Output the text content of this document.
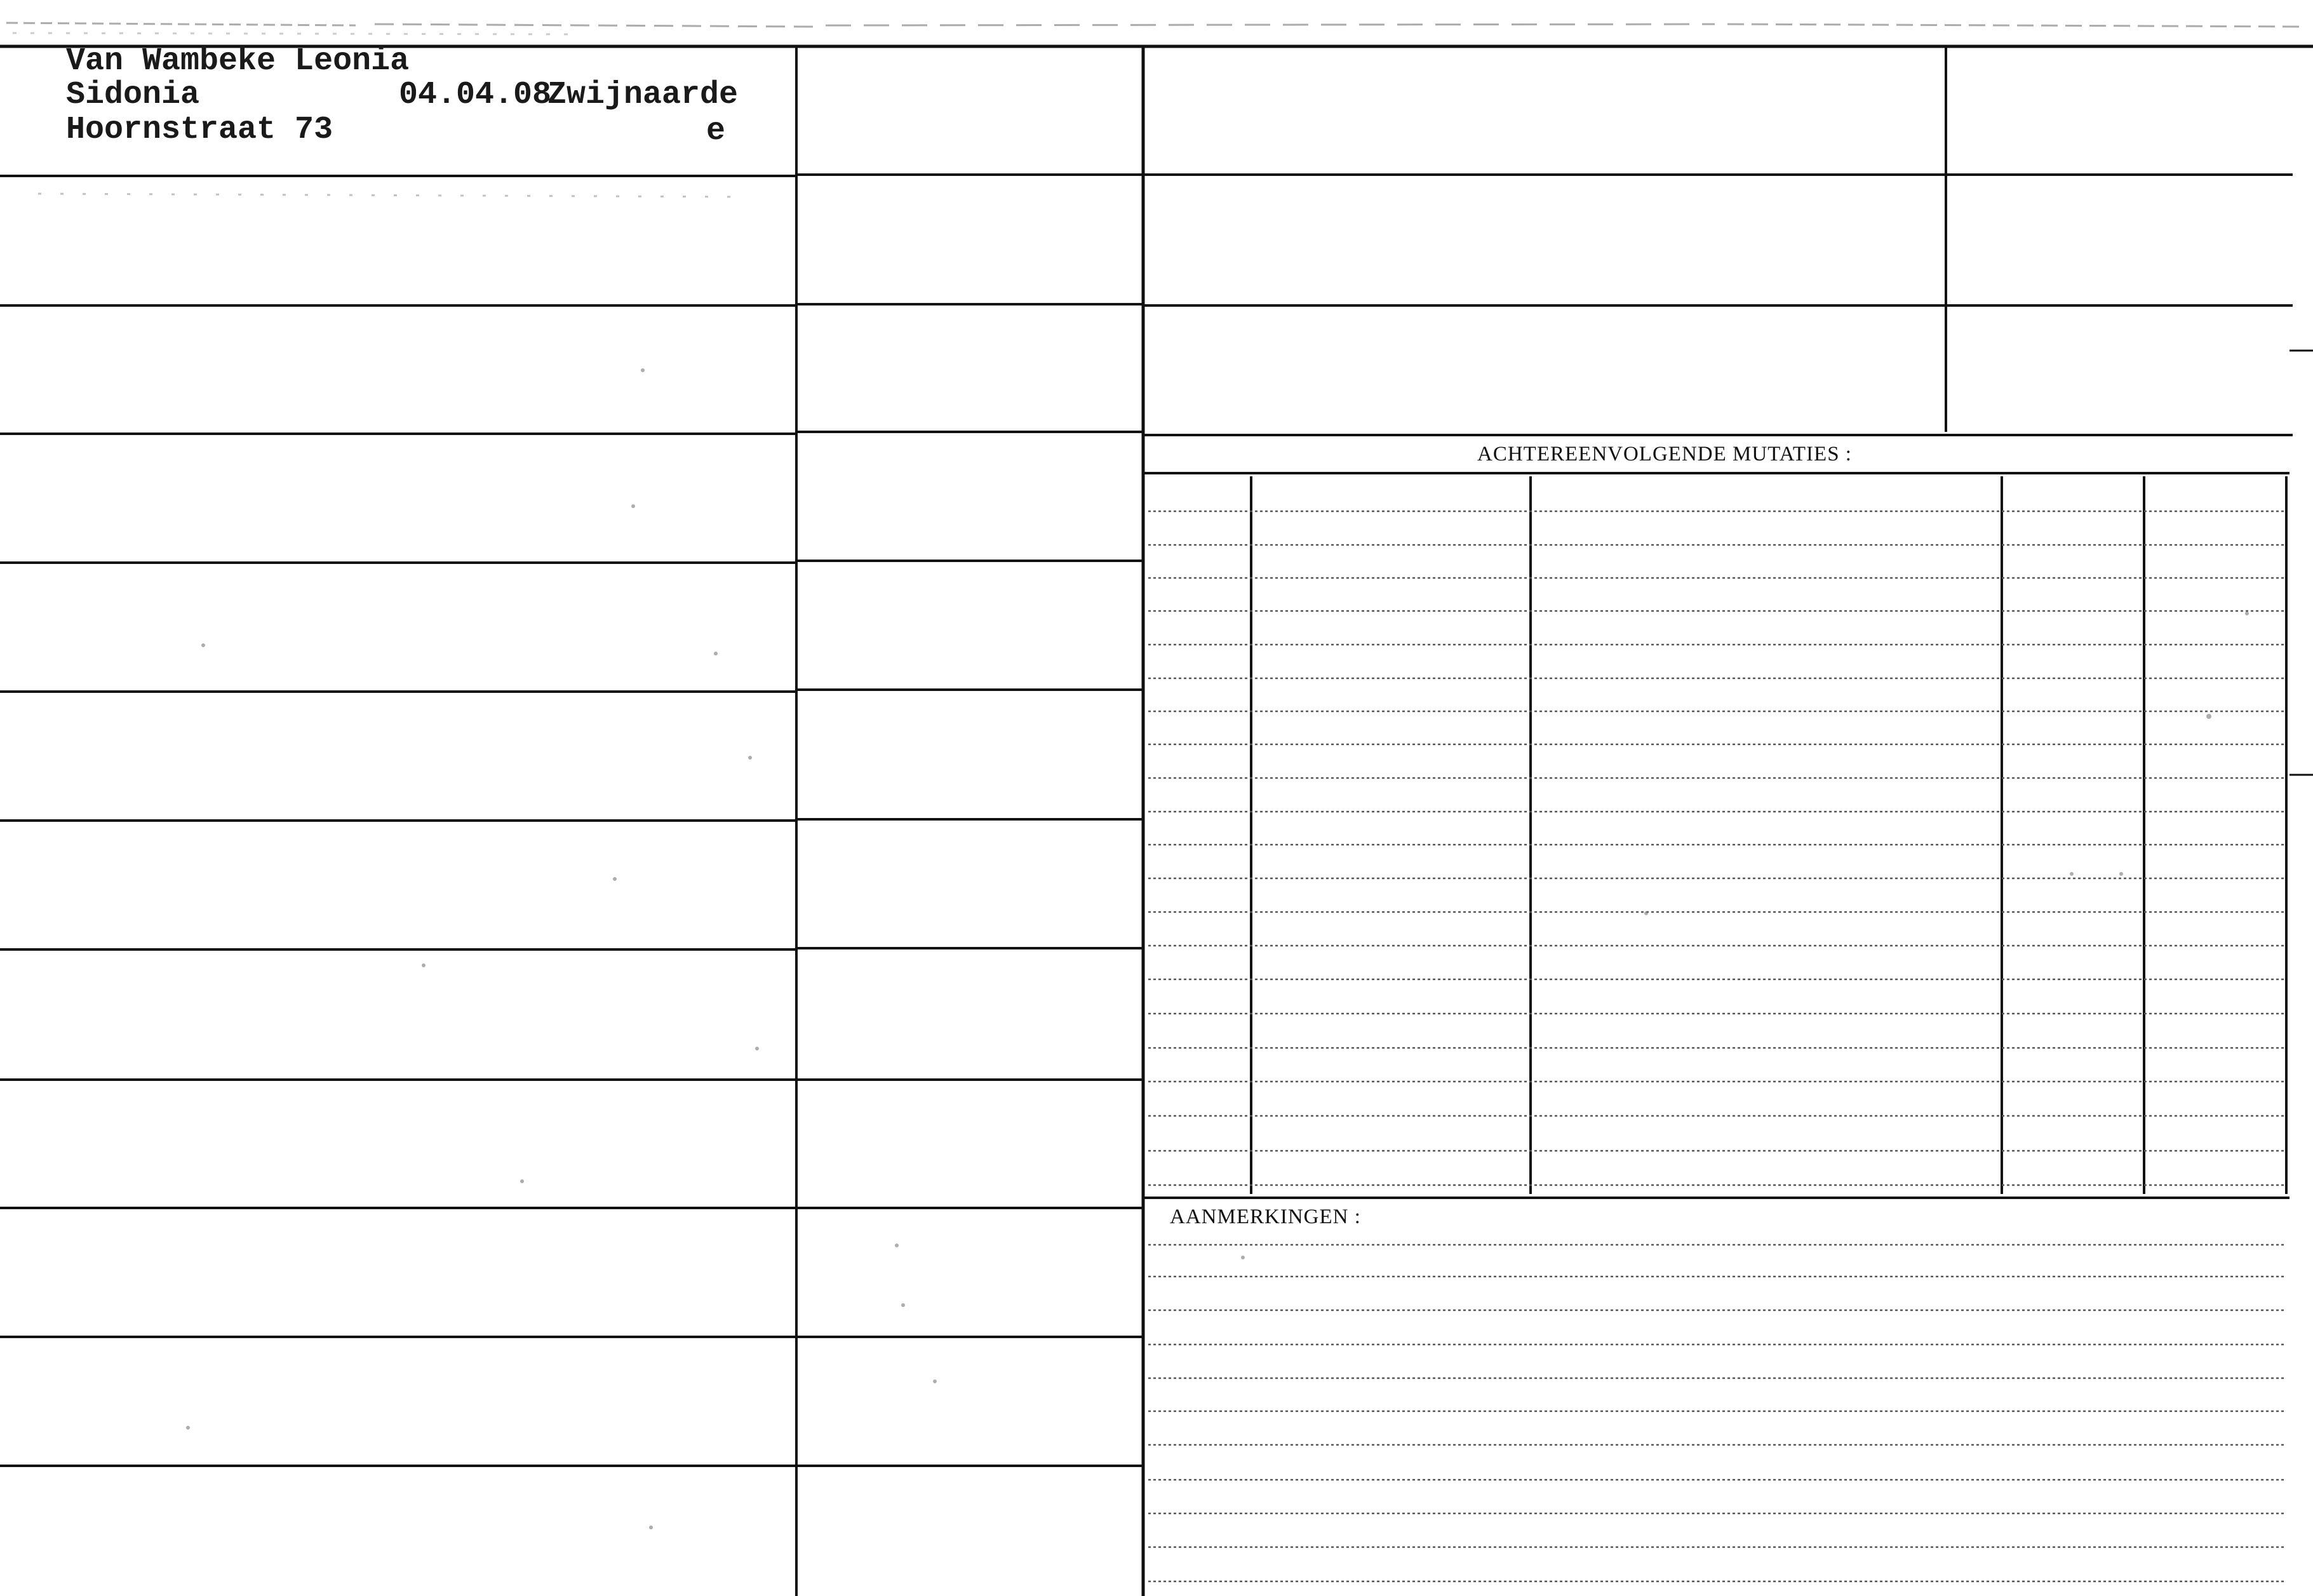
Van Wambeke Leonia
Sidonia
Hoornstraat 73
04.04.08
Zwijnaarde
e
ACHTEREENVOLGENDE MUTATIES :
AANMERKINGEN :
